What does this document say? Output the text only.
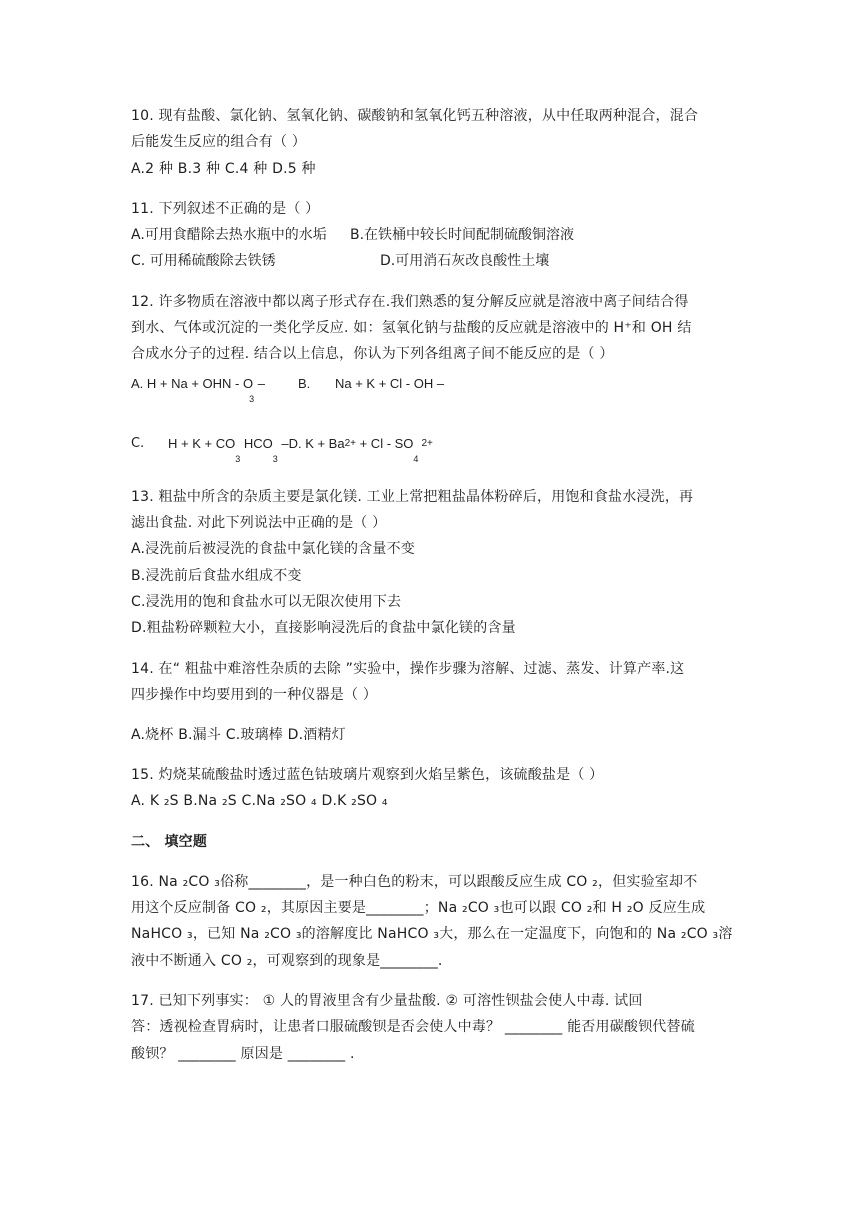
10. 现有盐酸、氯化钠、氢氧化钠、碳酸钠和氢氧化钙五种溶液，从中任取两种混合，混合
后能发生反应的组合有（ ）
A.2 种 B.3 种 C.4 种 D.5 种
11. 下列叙述不正确的是（ ）
A.可用食醋除去热水瓶中的水垢 B.在铁桶中较长时间配制硫酸铜溶液
C. 可用稀硫酸除去铁锈	D.可用消石灰改良酸性土壤
12. 许多物质在溶液中都以离子形式存在.我们熟悉的复分解反应就是溶液中离子间结合得
到水、气体或沉淀的一类化学反应. 如：氢氧化钠与盐酸的反应就是溶液中的 H⁺和 OH 结
合成水分子的过程. 结合以上信息，你认为下列各组离子间不能反应的是（ ）
A. H + Na + OHN - $O_3$ –	B. Na + K + Cl - OH –
C. $H + K + CO_3$ $HCO_3$ –D. $K + Ba2+ + Cl - SO_42+$
13. 粗盐中所含的杂质主要是氯化镁. 工业上常把粗盐晶体粉碎后，用饱和食盐水浸洗，再
滤出食盐. 对此下列说法中正确的是（ ）
A.浸洗前后被浸洗的食盐中氯化镁的含量不变
B.浸洗前后食盐水组成不变
C.浸洗用的饱和食盐水可以无限次使用下去
D.粗盐粉碎颗粒大小，直接影响浸洗后的食盐中氯化镁的含量
14. 在“ 粗盐中难溶性杂质的去除 ”实验中，操作步骤为溶解、过滤、蒸发、计算产率.这
四步操作中均要用到的一种仪器是（ ）
A.烧杯 B.漏斗 C.玻璃棒 D.酒精灯
15. 灼烧某硫酸盐时透过蓝色钴玻璃片观察到火焰呈紫色，该硫酸盐是（ ）
A. K ₂S B.Na ₂S C.Na ₂SO ₄ D.K ₂SO ₄
二、 填空题
16. Na ₂CO ₃俗称________，是一种白色的粉末，可以跟酸反应生成 CO ₂，但实验室却不
用这个反应制备 CO ₂，其原因主要是________；Na ₂CO ₃也可以跟 CO ₂和 H ₂O 反应生成
NaHCO ₃，已知 Na ₂CO ₃的溶解度比 NaHCO ₃大，那么在一定温度下，向饱和的 Na ₂CO ₃溶
液中不断通入 CO ₂，可观察到的现象是________.
17. 已知下列事实： ① 人的胃液里含有少量盐酸. ② 可溶性钡盐会使人中毒. 试回
答：透视检查胃病时，让患者口服硫酸钡是否会使人中毒？ ________ 能否用碳酸钡代替硫
酸钡？ ________ 原因是 ________ .
